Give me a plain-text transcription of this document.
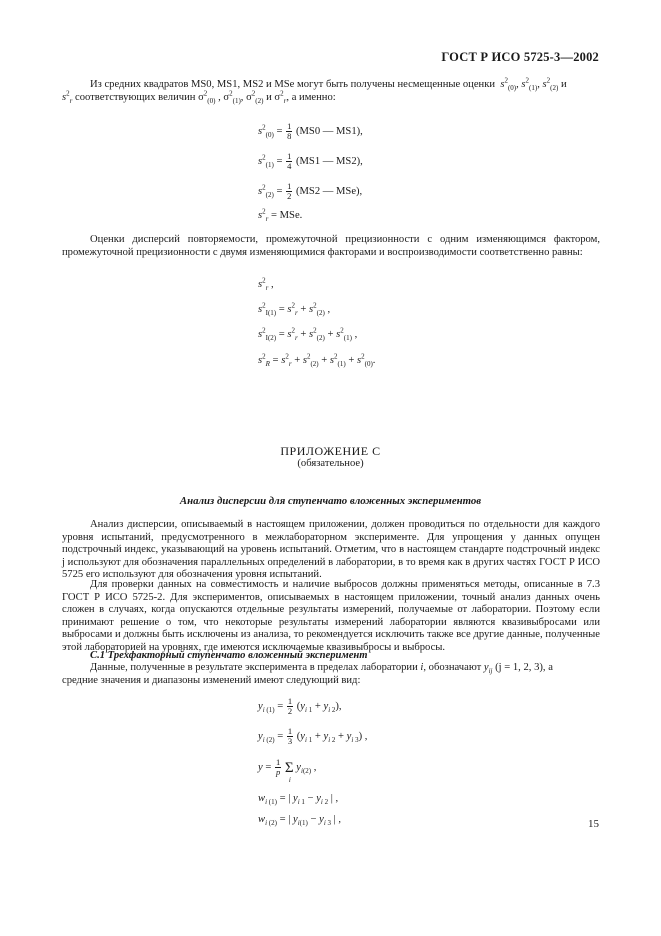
ГОСТ Р ИСО 5725-3—2002
Из средних квадратов MS0, MS1, MS2 и MSe могут быть получены несмещенные оценки  $s^2_{(0)}$, $s^2_{(1)}$, $s^2_{(2)}$ и
$s^2_r$ соответствующих величин $\sigma^2_{(0)}$ , $\sigma^2_{(1)}$, $\sigma^2_{(2)}$ и $\sigma^2_r$, а именно:
$s^2_{(0)} = \frac{1}{8} (MS0$ — MS1),
$s^2_{(1)} = \frac{1}{4} (MS1$ — MS2),
$s^2_{(2)} = \frac{1}{2} (MS2$ — MSe),
$s^2_r$ = MSe.

Оценки дисперсий повторяемости, промежуточной прецизионности с одним изменяющимся фактором, промежуточной прецизионности с двумя изменяющимися факторами и воспроизводимости соответственно равны:

$s^2_r$ ,
$s^2_{I(1)} = s^2_r + s^2_{(2)}$ ,
$s^2_{I(2)} = s^2_r + s^2_{(2)} + s^2_{(1)}$ ,
$s^2_R = s^2_r + s^2_{(2)} + s^2_{(1)} + s^2_{(0)}$.
ПРИЛОЖЕНИЕ С
(обязательное)
Анализ дисперсии для ступенчато вложенных экспериментов

Анализ дисперсии, описываемый в настоящем приложении, должен проводиться по отдельности для каждого уровня испытаний, предусмотренного в межлабораторном эксперименте. Для упрощения у данных опущен подстрочный индекс, указывающий на уровень испытаний. Отметим, что в настоящем стандарте подстрочный индекс j используют для обозначения параллельных определений в лаборатории, в то время как в других частях ГОСТ Р ИСО 5725 его используют для обозначения уровня испытаний.

Для проверки данных на совместимость и наличие выбросов должны применяться методы, описанные в 7.3 ГОСТ Р ИСО 5725-2. Для экспериментов, описываемых в настоящем приложении, точный анализ данных очень сложен в случаях, когда опускаются отдельные результаты измерений, получаемые от лаборатории. Поэтому если принимают решение о том, что некоторые результаты измерений лаборатории являются квазивыбросами или выбросами и должны быть исключены из анализа, то рекомендуется исключить также все другие данные, полученные этой лабораторией на уровнях, где имеются исключаемые квазивыбросы и выбросы.

С.1 Трехфакторный ступенчато вложенный эксперимент
Данные, полученные в результате эксперимента в пределах лаборатории i, обозначают $y_{ij}$ (j = 1, 2, 3), а
средние значения и диапазоны изменений имеют следующий вид:
$y_{i (1)} = \frac{1}{2} (y_{i 1} + y_{i 2})$,
$y_{i (2)} = \frac{1}{3} (y_{i 1} + y_{i 2} + y_{i 3})$ ,
$y = \frac{1}{p}$ Σ
i
$y_{i(2)}$ ,
$w_{i (1)}$ = | $y_{i 1} - y_{i 2}$ | ,
$w_{i (2)}$ = | $y_{i(1)} - y_{i 3}$ | ,	15
